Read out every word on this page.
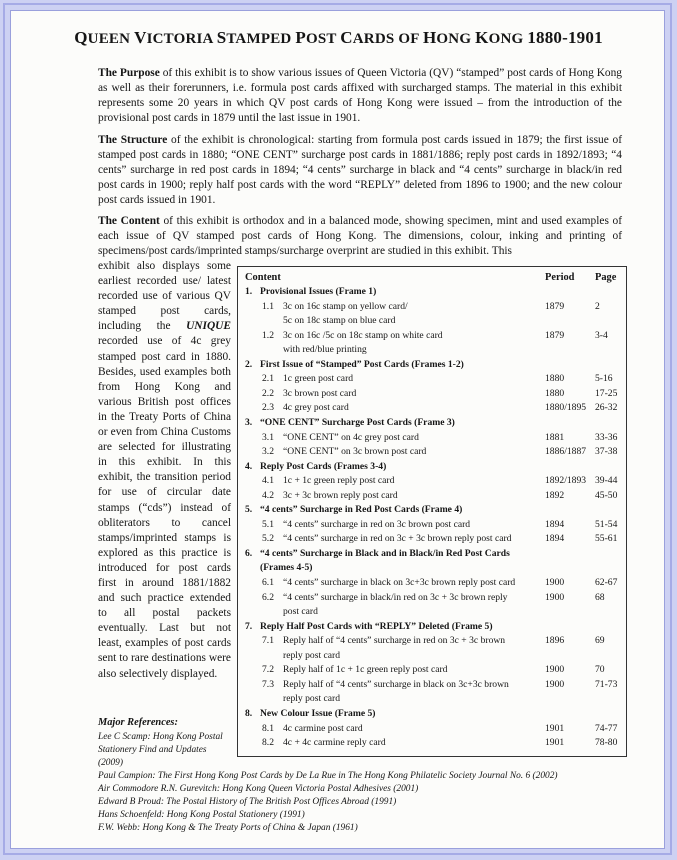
QUEEN VICTORIA STAMPED POST CARDS OF HONG KONG 1880-1901
The Purpose of this exhibit is to show various issues of Queen Victoria (QV) “stamped” post cards of Hong Kong as well as their forerunners, i.e. formula post cards affixed with surcharged stamps. The material in this exhibit represents some 20 years in which QV post cards of Hong Kong were issued – from the introduction of the provisional post cards in 1879 until the last issue in 1901.
The Structure of the exhibit is chronological: starting from formula post cards issued in 1879; the first issue of stamped post cards in 1880; “ONE CENT” surcharge post cards in 1881/1886; reply post cards in 1892/1893; “4 cents” surcharge in red post cards in 1894; “4 cents” surcharge in black and “4 cents” surcharge in black/in red post cards in 1900; reply half post cards with the word “REPLY” deleted from 1896 to 1900; and the new colour post cards issued in 1901.
The Content of this exhibit is orthodox and in a balanced mode, showing specimen, mint and used examples of each issue of QV stamped post cards of Hong Kong. The dimensions, colour, inking and printing of specimens/post cards/imprinted stamps/surcharge overprint are studied in this exhibit. This
exhibit also displays some earliest recorded use/ latest recorded use of various QV stamped post cards, including the UNIQUE recorded use of 4c grey stamped post card in 1880. Besides, used examples both from Hong Kong and various British post offices in the Treaty Ports of China or even from China Customs are selected for illustrating in this exhibit. In this exhibit, the transition period for use of circular date stamps (“cds”) instead of obliterators to cancel stamps/imprinted stamps is explored as this practice is introduced for post cards first in around 1881/1882 and such practice extended to all postal packets eventually. Last but not least, examples of post cards sent to rare destinations were also selectively displayed.
Content	Period Page
1. Provisional Issues (Frame 1)
1.1 3c on 16c stamp on yellow card/	1879	2
5c on 18c stamp on blue card
1.2 3c on 16c /5c on 18c stamp on white card	1879	3-4
with red/blue printing
2. First Issue of “Stamped” Post Cards (Frames 1-2)
2.1 1c green post card	1880	5-16
2.2 3c brown post card	1880	17-25
2.3 4c grey post card	1880/1895 26-32
3. “ONE CENT” Surcharge Post Cards (Frame 3)
3.1 “ONE CENT” on 4c grey post card	1881	33-36
3.2 “ONE CENT” on 3c brown post card	1886/1887 37-38
4. Reply Post Cards (Frames 3-4)
4.1 1c + 1c green reply post card	1892/1893 39-44
4.2 3c + 3c brown reply post card	1892	45-50
5. “4 cents” Surcharge in Red Post Cards (Frame 4)
5.1 “4 cents” surcharge in red on 3c brown post card	1894	51-54
5.2 “4 cents” surcharge in red on 3c + 3c brown reply post card	1894	55-61
6. “4 cents” Surcharge in Black and in Black/in Red Post Cards
(Frames 4-5)
6.1 “4 cents” surcharge in black on 3c+3c brown reply post card	1900	62-67
6.2 “4 cents” surcharge in black/in red on 3c + 3c brown reply	1900	68
post card
7. Reply Half Post Cards with “REPLY” Deleted (Frame 5)
7.1 Reply half of “4 cents” surcharge in red on 3c + 3c brown	1896	69
reply post card
7.2 Reply half of 1c + 1c green reply post card	1900	70
7.3 Reply half of “4 cents” surcharge in black on 3c+3c brown	1900	71-73
reply post card
8. New Colour Issue (Frame 5)
8.1 4c carmine post card	1901	74-77
8.2 4c + 4c carmine reply card	1901	78-80
Major References:
Lee C Scamp: Hong Kong Postal
Stationery Find and Updates
(2009)
Paul Campion: The First Hong Kong Post Cards by De La Rue in The Hong Kong Philatelic Society Journal No. 6 (2002)
Air Commodore R.N. Gurevitch: Hong Kong Queen Victoria Postal Adhesives (2001)
Edward B Proud: The Postal History of The British Post Offices Abroad (1991)
Hans Schoenfeld: Hong Kong Postal Stationery (1991)
F.W. Webb: Hong Kong & The Treaty Ports of China & Japan (1961)
